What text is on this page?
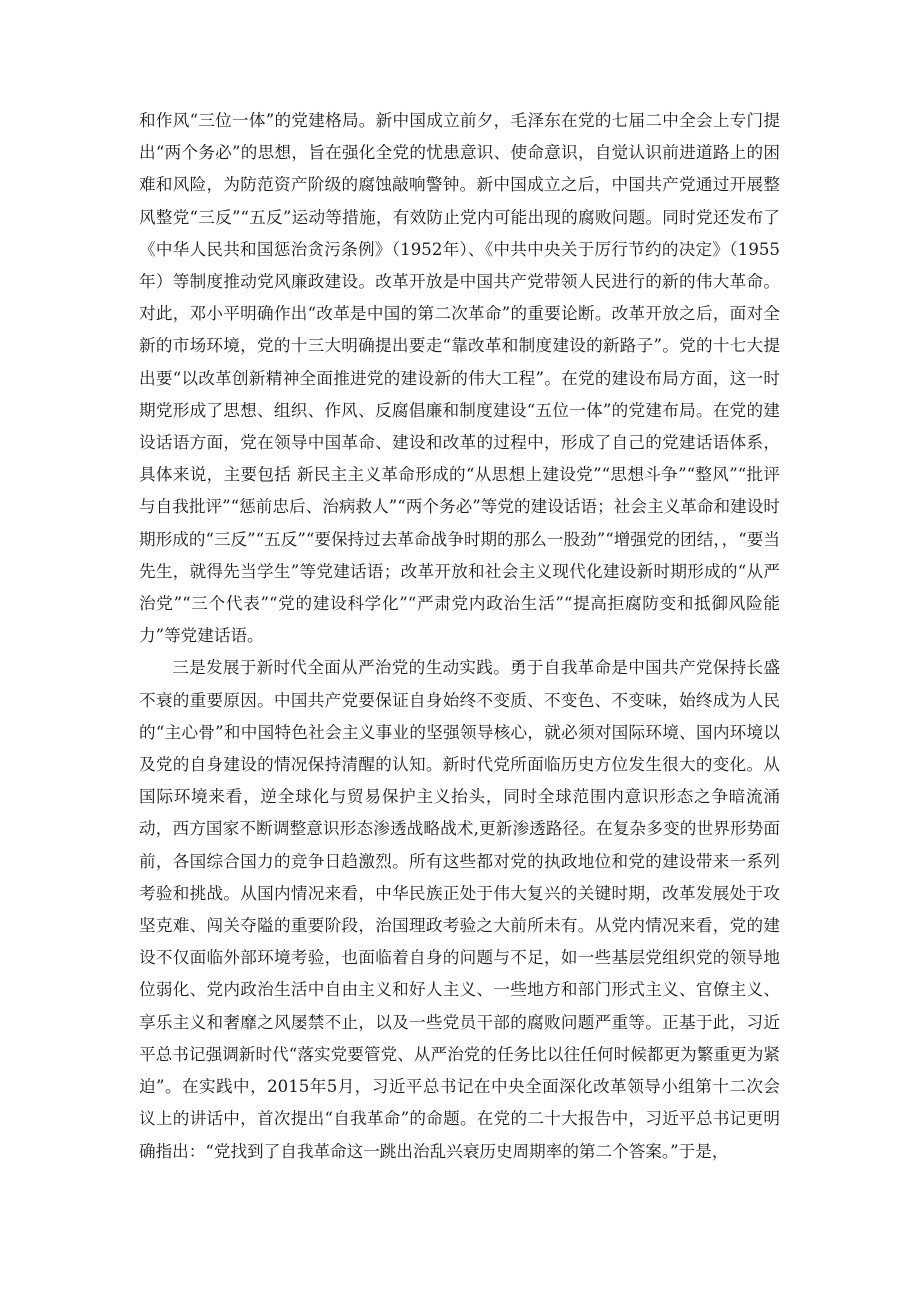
和作风“三位一体”的党建格局。新中国成立前夕，毛泽东在党的七届二中全会上专门提出“两个务必”的思想，旨在强化全党的忧患意识、使命意识，自觉认识前进道路上的困难和风险，为防范资产阶级的腐蚀敲响警钟。新中国成立之后，中国共产党通过开展整风整党“三反”“五反”运动等措施，有效防止党内可能出现的腐败问题。同时党还发布了《中华人民共和国惩治贪污条例》（1952年）、《中共中央关于厉行节约的决定》（1955年）等制度推动党风廉政建设。改革开放是中国共产党带领人民进行的新的伟大革命。对此，邓小平明确作出“改革是中国的第二次革命”的重要论断。改革开放之后，面对全新的市场环境，党的十三大明确提出要走“靠改革和制度建设的新路子”。党的十七大提出要“以改革创新精神全面推进党的建设新的伟大工程”。在党的建设布局方面，这一时期党形成了思想、组织、作风、反腐倡廉和制度建设“五位一体”的党建布局。在党的建设话语方面，党在领导中国革命、建设和改革的过程中，形成了自己的党建话语体系，具体来说，主要包括 新民主主义革命形成的“从思想上建设党”“思想斗争”“整风”“批评与自我批评”“惩前忠后、治病救人”“两个务必”等党的建设话语；社会主义革命和建设时期形成的“三反”“五反”“要保持过去革命战争时期的那么一股劲”“增强党的团结，，“要当先生，就得先当学生”等党建话语；改革开放和社会主义现代化建设新时期形成的“从严治党”“三个代表”“党的建设科学化”“严肃党内政治生活”“提高拒腐防变和抵御风险能力”等党建话语。

三是发展于新时代全面从严治党的生动实践。勇于自我革命是中国共产党保持长盛不衰的重要原因。中国共产党要保证自身始终不变质、不变色、不变味，始终成为人民的“主心骨”和中国特色社会主义事业的坚强领导核心，就必须对国际环境、国内环境以及党的自身建设的情况保持清醒的认知。新时代党所面临历史方位发生很大的变化。从国际环境来看，逆全球化与贸易保护主义抬头，同时全球范围内意识形态之争暗流涌动，西方国家不断调整意识形态渗透战略战术,更新渗透路径。在复杂多变的世界形势面前，各国综合国力的竞争日趋激烈。所有这些都对党的执政地位和党的建设带来一系列考验和挑战。从国内情况来看，中华民族正处于伟大复兴的关键时期，改革发展处于攻坚克难、闯关夺隘的重要阶段，治国理政考验之大前所未有。从党内情况来看，党的建设不仅面临外部环境考验，也面临着自身的问题与不足，如一些基层党组织党的领导地位弱化、党内政治生活中自由主义和好人主义、一些地方和部门形式主义、官僚主义、享乐主义和奢靡之风屡禁不止，以及一些党员干部的腐败问题严重等。正基于此，习近平总书记强调新时代“落实党要管党、从严治党的任务比以往任何时候都更为繁重更为紧迫”。在实践中，2015年5月，习近平总书记在中央全面深化改革领导小组第十二次会议上的讲话中，首次提出“自我革命”的命题。在党的二十大报告中，习近平总书记更明确指出：“党找到了自我革命这一跳出治乱兴衰历史周期率的第二个答案。”于是，
